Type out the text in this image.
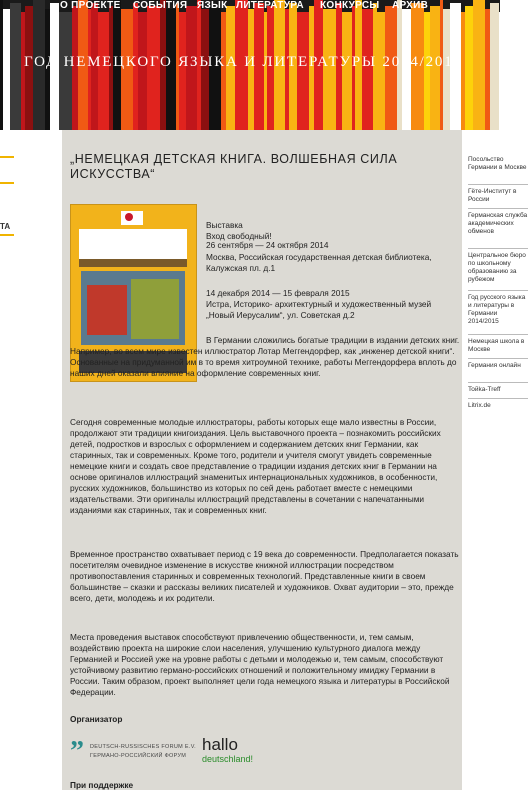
О ПРОЕКТЕ СОБЫТИЯ ЯЗЫК ЛИТЕРАТУРА КОНКУРСЫ АРХИВ
ГОД НЕМЕЦКОГО ЯЗЫКА И ЛИТЕРАТУРЫ 2014/2015
ТА
„НЕМЕЦКАЯ ДЕТСКАЯ КНИГА. ВОЛШЕБНАЯ СИЛА ИСКУССТВА“
Выставка
Вход свободный!
26 сентября — 24 октября 2014
Москва, Российская государственная детская библиотека, Калужская пл. д.1
14 декабря 2014 — 15 февраля 2015
Истра, Историко- архитектурный и художественный музей „Новый Иерусалим“, ул. Советская д.2
В Германии сложились богатые традиции в издании детских книг. Например, во всем мире известен иллюстратор Лотар Меггендорфер, как „инженер детской книги“. Основанные на придуманной им в то время хитроумной технике, работы Меггендорфера вплоть до наших дней оказали влияние на оформление современных книг.
Сегодня современные молодые иллюстраторы, работы которых еще мало известны в России, продолжают эти традиции книгоиздания. Цель выставочного проекта – познакомить российских детей, подростков и взрослых с оформлением и содержанием детских книг Германии, как старинных, так и современных. Кроме того, родители и учителя смогут увидеть современные немецкие книги и создать свое представление о традиции издания детских книг в Германии на основе оригиналов иллюстраций знаменитых интернациональных художников, в особенности, русских художников, большинство из которых по сей день работает вместе с немецкими издательствами. Эти оригиналы иллюстраций представлены в сочетании с напечатанными изданиями как старинных, так и современных книг.
Временное пространство охватывает период с 19 века до современности. Предполагается показать посетителям очевидное изменение в искусстве книжной иллюстрации посредством противопоставления старинных и современных технологий. Представленные книги в своем большинстве – сказки и рассказы великих писателей и художников. Охват аудитории – это, прежде всего, дети, молодежь и их родители.
Места проведения выставок способствуют привлечению общественности, и, тем самым, воздействию проекта на широкие слои населения, улучшению культурного диалога между Германией и Россией уже на уровне работы с детьми и молодежью и, тем самым, способствуют устойчивому развитию германо-российских отношений и положительному имиджу Германии в России. Таким образом, проект выполняет цели года немецкого языка и литературы в Российской Федерации.
Организатор
” DEUTSCH-RUSSISCHES FORUM E.V.
ГЕРМАНО-РОССИЙСКИЙ ФОРУМ
hallo
deutschland!
При поддержке
Посольство Германии в Москве
Гёте-Институт в России
Германская служба академических обменов
Центральное бюро по школьному образованию за рубежом
Год русского языка и литературы в Германии 2014/2015
Немецкая школа в Москве
Германия онлайн
Toйka-Treff
Litrix.de
